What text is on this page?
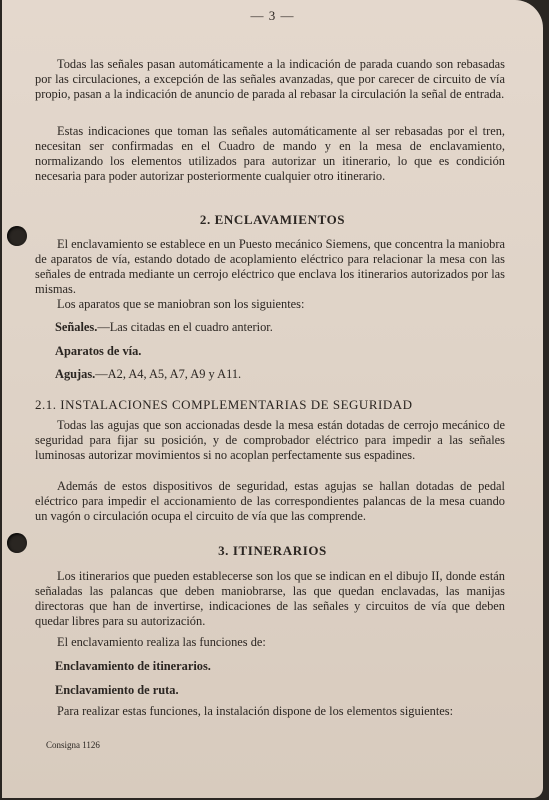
— 3 —

Todas las señales pasan automáticamente a la indicación de parada cuando son rebasadas por las circulaciones, a excepción de las señales avanzadas, que por carecer de circuito de vía propio, pasan a la indicación de anuncio de parada al rebasar la circulación la señal de entrada.

Estas indicaciones que toman las señales automáticamente al ser rebasadas por el tren, necesitan ser confirmadas en el Cuadro de mando y en la mesa de enclavamiento, normalizando los elementos utilizados para autorizar un itinerario, lo que es condición necesaria para poder autorizar posteriormente cualquier otro itinerario.

2. ENCLAVAMIENTOS

El enclavamiento se establece en un Puesto mecánico Siemens, que concentra la maniobra de aparatos de vía, estando dotado de acoplamiento eléctrico para relacionar la mesa con las señales de entrada mediante un cerrojo eléctrico que enclava los itinerarios autorizados por las mismas.

Los aparatos que se maniobran son los siguientes:

Señales.—Las citadas en el cuadro anterior.

Aparatos de vía.

Agujas.—A2, A4, A5, A7, A9 y A11.

2.1. INSTALACIONES COMPLEMENTARIAS DE SEGURIDAD

Todas las agujas que son accionadas desde la mesa están dotadas de cerrojo mecánico de seguridad para fijar su posición, y de comprobador eléctrico para impedir a las señales luminosas autorizar movimientos si no acoplan perfectamente sus espadines.

Además de estos dispositivos de seguridad, estas agujas se hallan dotadas de pedal eléctrico para impedir el accionamiento de las correspondientes palancas de la mesa cuando un vagón o circulación ocupa el circuito de vía que las comprende.

3. ITINERARIOS

Los itinerarios que pueden establecerse son los que se indican en el dibujo II, donde están señaladas las palancas que deben maniobrarse, las que quedan enclavadas, las manijas directoras que han de invertirse, indicaciones de las señales y circuitos de vía que deben quedar libres para su autorización.

El enclavamiento realiza las funciones de:

Enclavamiento de itinerarios.

Enclavamiento de ruta.

Para realizar estas funciones, la instalación dispone de los elementos siguientes:

Consigna 1126
